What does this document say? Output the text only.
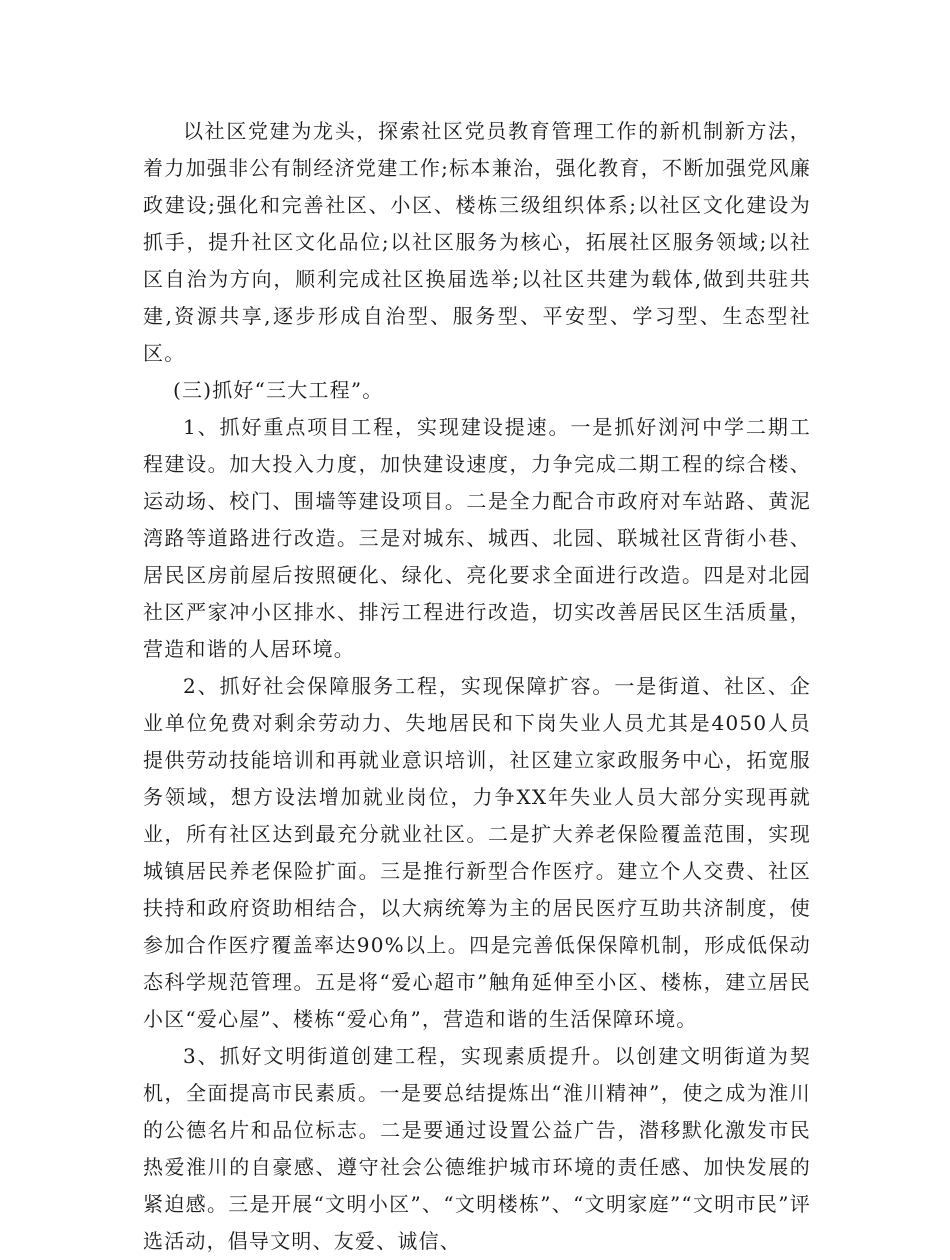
以社区党建为龙头，探索社区党员教育管理工作的新机制新方法，着力加强非公有制经济党建工作;标本兼治，强化教育，不断加强党风廉政建设;强化和完善社区、小区、楼栋三级组织体系;以社区文化建设为抓手，提升社区文化品位;以社区服务为核心，拓展社区服务领域;以社区自治为方向，顺利完成社区换届选举;以社区共建为载体,做到共驻共建,资源共享,逐步形成自治型、服务型、平安型、学习型、生态型社区。

(三)抓好“三大工程”。

1、抓好重点项目工程，实现建设提速。一是抓好浏河中学二期工程建设。加大投入力度，加快建设速度，力争完成二期工程的综合楼、运动场、校门、围墙等建设项目。二是全力配合市政府对车站路、黄泥湾路等道路进行改造。三是对城东、城西、北园、联城社区背街小巷、居民区房前屋后按照硬化、绿化、亮化要求全面进行改造。四是对北园社区严家冲小区排水、排污工程进行改造，切实改善居民区生活质量，营造和谐的人居环境。

2、抓好社会保障服务工程，实现保障扩容。一是街道、社区、企业单位免费对剩余劳动力、失地居民和下岗失业人员尤其是4050人员提供劳动技能培训和再就业意识培训，社区建立家政服务中心，拓宽服务领域，想方设法增加就业岗位，力争XX年失业人员大部分实现再就业，所有社区达到最充分就业社区。二是扩大养老保险覆盖范围，实现城镇居民养老保险扩面。三是推行新型合作医疗。建立个人交费、社区扶持和政府资助相结合，以大病统筹为主的居民医疗互助共济制度，使参加合作医疗覆盖率达90%以上。四是完善低保保障机制，形成低保动态科学规范管理。五是将“爱心超市”触角延伸至小区、楼栋，建立居民小区“爱心屋”、楼栋“爱心角”，营造和谐的生活保障环境。

3、抓好文明街道创建工程，实现素质提升。以创建文明街道为契机，全面提高市民素质。一是要总结提炼出“淮川精神”，使之成为淮川的公德名片和品位标志。二是要通过设置公益广告，潜移默化激发市民热爱淮川的自豪感、遵守社会公德维护城市环境的责任感、加快发展的紧迫感。三是开展“文明小区”、“文明楼栋”、“文明家庭”“文明市民”评选活动，倡导文明、友爱、诚信、
